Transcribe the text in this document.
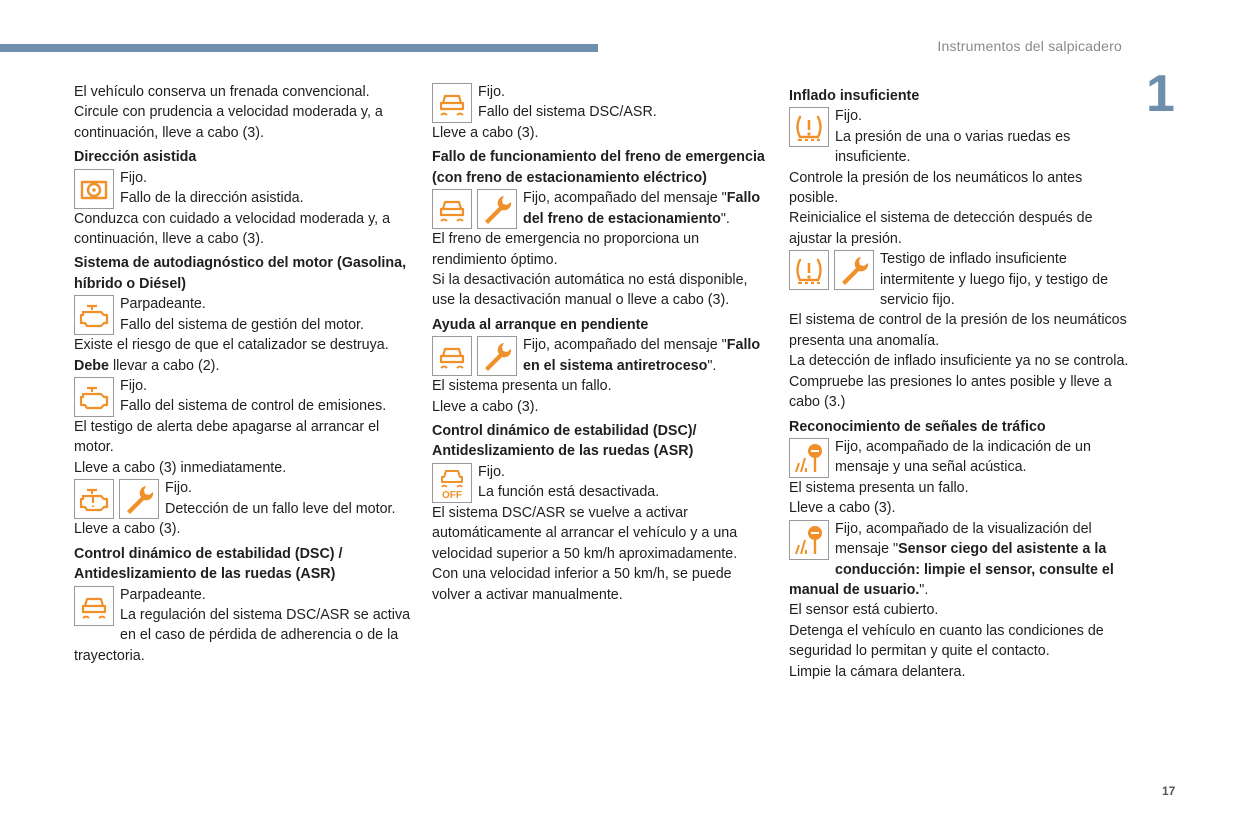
Instrumentos del salpicadero
1
17

El vehículo conserva un frenada convencional.

Circule con prudencia a velocidad moderada y, a continuación, lleve a cabo (3).

Dirección asistida

Fijo.

Fallo de la dirección asistida.

Conduzca con cuidado a velocidad moderada y, a continuación, lleve a cabo (3).

Sistema de autodiagnóstico del motor (Gasolina, híbrido o Diésel)

Parpadeante.

Fallo del sistema de gestión del motor.

Existe el riesgo de que el catalizador se destruya.

Debe llevar a cabo (2).

Fijo.

Fallo del sistema de control de emisiones.

El testigo de alerta debe apagarse al arrancar el motor.

Lleve a cabo (3) inmediatamente.

Fijo.

Detección de un fallo leve del motor.

Lleve a cabo (3).

Control dinámico de estabilidad (DSC) / Antideslizamiento de las ruedas (ASR)

Parpadeante.

La regulación del sistema DSC/ASR se activa en el caso de pérdida de adherencia o de la trayectoria.

Fijo.

Fallo del sistema DSC/ASR.

Lleve a cabo (3).

Fallo de funcionamiento del freno de emergencia (con freno de estacionamiento eléctrico)

Fijo, acompañado del mensaje "Fallo del freno de estacionamiento".

El freno de emergencia no proporciona un rendimiento óptimo.

Si la desactivación automática no está disponible, use la desactivación manual o lleve a cabo (3).

Ayuda al arranque en pendiente

Fijo, acompañado del mensaje "Fallo en el sistema antiretroceso".

El sistema presenta un fallo.

Lleve a cabo (3).

Control dinámico de estabilidad (DSC)/ Antideslizamiento de las ruedas (ASR)

OFF

Fijo.

La función está desactivada.

El sistema DSC/ASR se vuelve a activar automáticamente al arrancar el vehículo y a una velocidad superior a 50 km/h aproximadamente.

Con una velocidad inferior a 50 km/h, se puede volver a activar manualmente.

Inflado insuficiente

Fijo.

La presión de una o varias ruedas es insuficiente.

Controle la presión de los neumáticos lo antes posible.

Reinicialice el sistema de detección después de ajustar la presión.

Testigo de inflado insuficiente intermitente y luego fijo, y testigo de servicio fijo.

El sistema de control de la presión de los neumáticos presenta una anomalía.

La detección de inflado insuficiente ya no se controla.

Compruebe las presiones lo antes posible y lleve a cabo (3.)

Reconocimiento de señales de tráfico

Fijo, acompañado de la indicación de un mensaje y una señal acústica.

El sistema presenta un fallo.

Lleve a cabo (3).

Fijo, acompañado de la visualización del mensaje "Sensor ciego del asistente a la conducción: limpie el sensor, consulte el manual de usuario.".

El sensor está cubierto.

Detenga el vehículo en cuanto las condiciones de seguridad lo permitan y quite el contacto.

Limpie la cámara delantera.
